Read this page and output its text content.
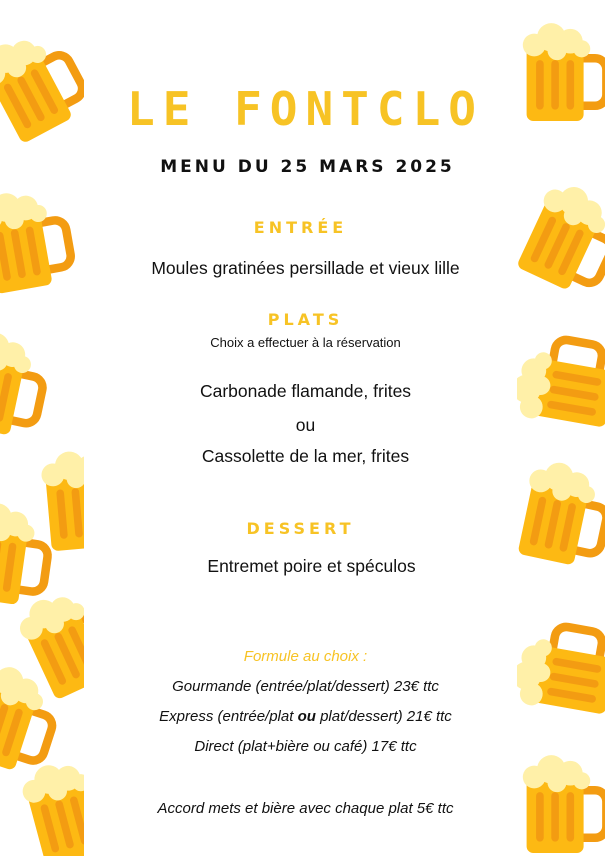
LE FONTCLO
MENU DU 25 MARS 2025
ENTRÉE
Moules gratinées persillade et vieux lille
PLATS
Choix a effectuer à la réservation
Carbonade flamande, frites
ou
Cassolette de la mer, frites
DESSERT
Entremet poire et spéculos
Formule au choix :
Gourmande (entrée/plat/dessert) 23€ ttc
Express (entrée/plat ou plat/dessert) 21€ ttc
Direct (plat+bière ou café) 17€ ttc
Accord mets et bière avec chaque plat 5€ ttc
